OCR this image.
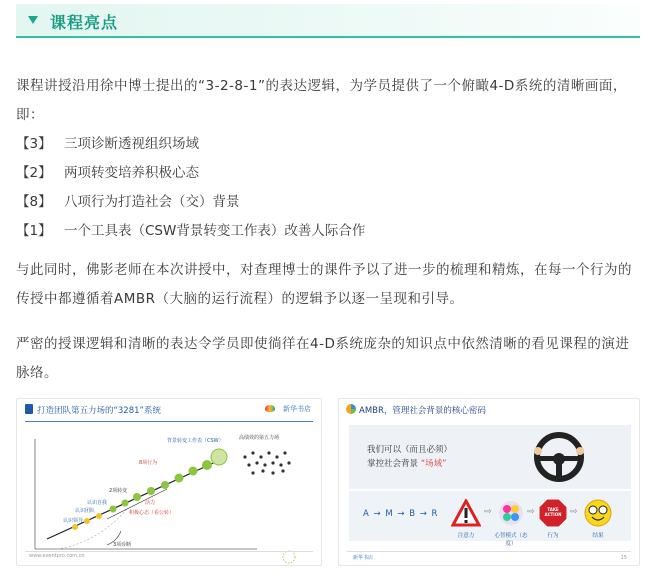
课程亮点
课程讲授沿用徐中博士提出的“3-2-8-1”的表达逻辑，为学员提供了一个俯瞰4-D系统的清晰画面，即：
【3】 三项诊断透视组织场域
【2】 两项转变培养积极心态
【8】 八项行为打造社会（交）背景
【1】 一个工具表（CSW背景转变工作表）改善人际合作
与此同时，佛影老师在本次讲授中，对查理博士的课件予以了进一步的梳理和精炼，在每一个行为的传授中都遵循着AMBR（大脑的运行流程）的逻辑予以逐一呈现和引导。
严密的授课逻辑和清晰的表达令学员即使徜徉在4-D系统庞杂的知识点中依然清晰的看见课程的演进脉络。
打造团队第五力场的“3281”系统	新华书店
背景转变工作表（CSW）	高绩效的第五力场
8项行为
2项转变
认识自我
认识团队
认识领导
活力
积极心态（看公转）
3项诊断
www.eventpro.com.cn
AMBR，管理社会背景的核心密码
我们可以（而且必须）
掌控社会背景 “场域”
A → M → B → R	⇨	⇨	TAKE ACTION ⇨
注意力	心智模式（态度）
行为	结果
新华书店	15
